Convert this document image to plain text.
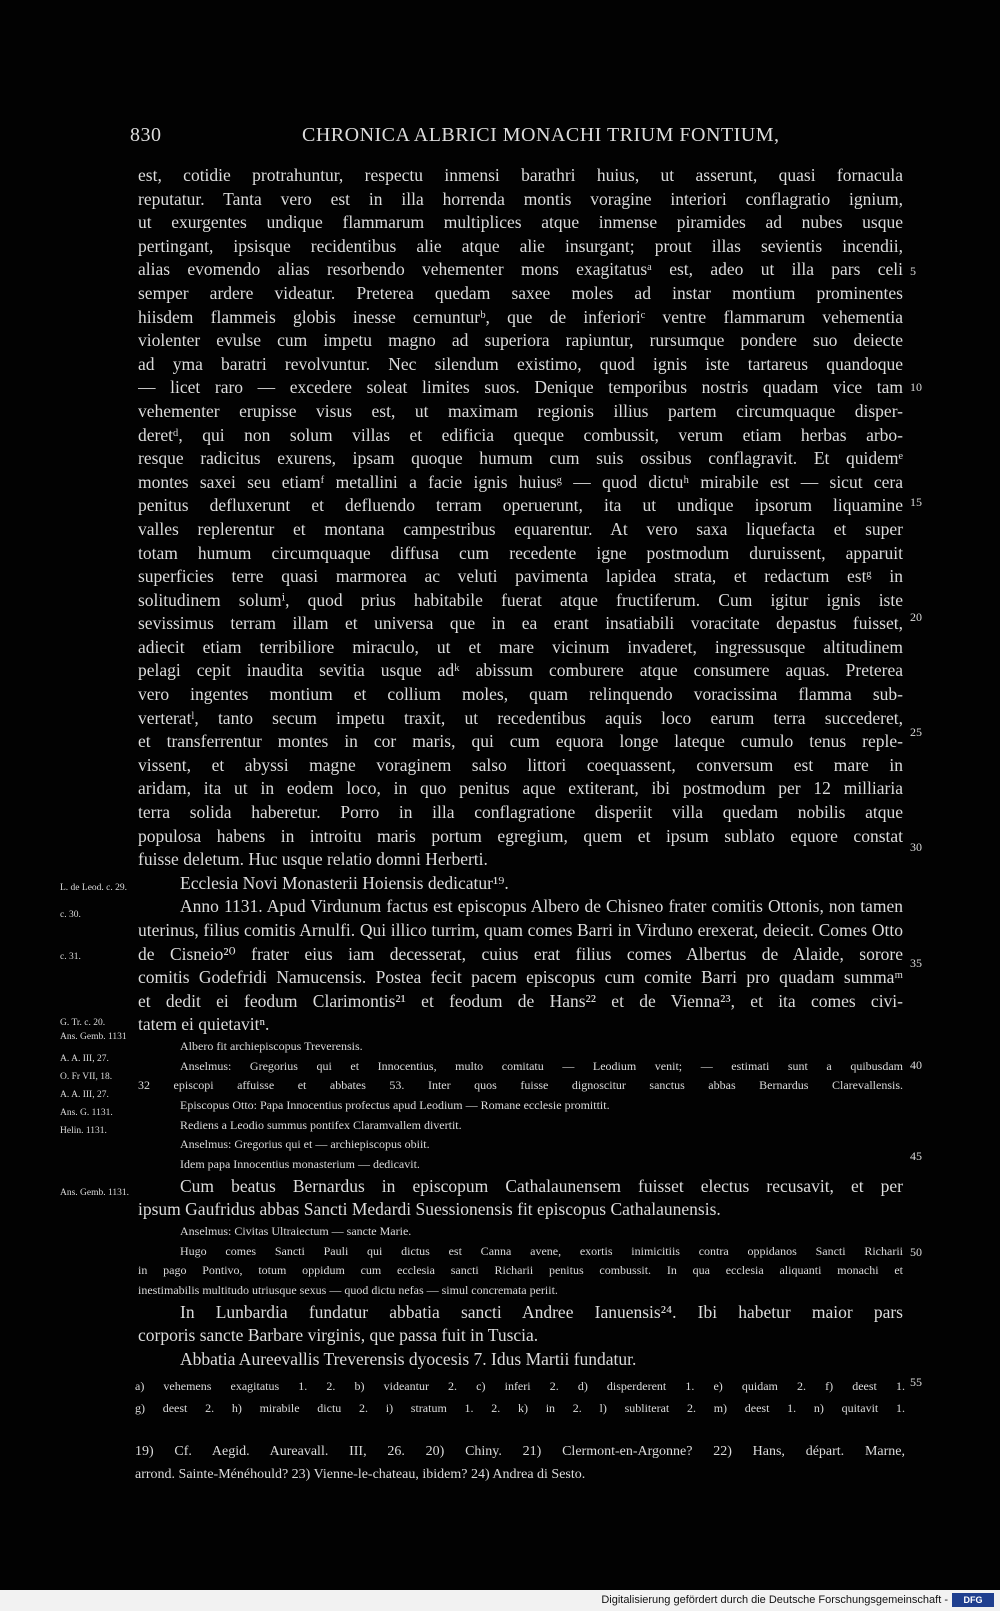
830	CHRONICA ALBRICI MONACHI TRIUM FONTIUM,
est, cotidie protrahuntur, respectu inmensi barathri huius, ut asserunt, quasi fornacula
reputatur. Tanta vero est in illa horrenda montis voragine interiori conflagratio ignium,
ut exurgentes undique flammarum multiplices atque inmense piramides ad nubes usque
pertingant, ipsisque recidentibus alie atque alie insurgant; prout illas sevientis incendii,
alias evomendo alias resorbendo vehementer mons exagitatusᵃ est, adeo ut illa pars celi
semper ardere videatur. Preterea quedam saxee moles ad instar montium prominentes
hiisdem flammeis globis inesse cernunturᵇ, que de inferioriᶜ ventre flammarum vehementia
violenter evulse cum impetu magno ad superiora rapiuntur, rursumque pondere suo deiecte
ad yma baratri revolvuntur. Nec silendum existimo, quod ignis iste tartareus quandoque
— licet raro — excedere soleat limites suos. Denique temporibus nostris quadam vice tam
vehementer erupisse visus est, ut maximam regionis illius partem circumquaque disper-
deretᵈ, qui non solum villas et edificia queque combussit, verum etiam herbas arbo-
resque radicitus exurens, ipsam quoque humum cum suis ossibus conflagravit. Et quidemᵉ
montes saxei seu etiamᶠ metallini a facie ignis huiusᵍ — quod dictuʰ mirabile est — sicut cera
penitus defluxerunt et defluendo terram operuerunt, ita ut undique ipsorum liquamine
valles replerentur et montana campestribus equarentur. At vero saxa liquefacta et super
totam humum circumquaque diffusa cum recedente igne postmodum duruissent, apparuit
superficies terre quasi marmorea ac veluti pavimenta lapidea strata, et redactum estᵍ in
solitudinem solumⁱ, quod prius habitabile fuerat atque fructiferum. Cum igitur ignis iste
sevissimus terram illam et universa que in ea erant insatiabili voracitate depastus fuisset,
adiecit etiam terribiliore miraculo, ut et mare vicinum invaderet, ingressusque altitudinem
pelagi cepit inaudita sevitia usque adᵏ abissum comburere atque consumere aquas. Preterea
vero ingentes montium et collium moles, quam relinquendo voracissima flamma sub-
verteratˡ, tanto secum impetu traxit, ut recedentibus aquis loco earum terra succederet,
et transferrentur montes in cor maris, qui cum equora longe lateque cumulo tenus reple-
vissent, et abyssi magne voraginem salso littori coequassent, conversum est mare in
aridam, ita ut in eodem loco, in quo penitus aque extiterant, ibi postmodum per 12 milliaria
terra solida haberetur. Porro in illa conflagratione disperiit villa quedam nobilis atque
populosa habens in introitu maris portum egregium, quem et ipsum sublato equore constat
fuisse deletum. Huc usque relatio domni Herberti.
Ecclesia Novi Monasterii Hoiensis dedicatur¹⁹.
Anno 1131. Apud Virdunum factus est episcopus Albero de Chisneo frater comitis Ottonis, non tamen
uterinus, filius comitis Arnulfi. Qui illico turrim, quam comes Barri in Virduno erexerat, deiecit. Comes Otto
de Cisneio²⁰ frater eius iam decesserat, cuius erat filius comes Albertus de Alaide, sorore
comitis Godefridi Namucensis. Postea fecit pacem episcopus cum comite Barri pro quadam summaᵐ
et dedit ei feodum Clarimontis²¹ et feodum de Hans²² et de Vienna²³, et ita comes civi-
tatem ei quietavitⁿ.
Albero fit archiepiscopus Treverensis.
Anselmus: Gregorius qui et Innocentius, multo comitatu — Leodium venit; — estimati sunt a quibusdam
32 episcopi affuisse et abbates 53. Inter quos fuisse dignoscitur sanctus abbas Bernardus Clarevallensis.
Episcopus Otto: Papa Innocentius profectus apud Leodium — Romane ecclesie promittit.
Rediens a Leodio summus pontifex Claramvallem divertit.
Anselmus: Gregorius qui et — archiepiscopus obiit.
Idem papa Innocentius monasterium — dedicavit.
Cum beatus Bernardus in episcopum Cathalaunensem fuisset electus recusavit, et per
ipsum Gaufridus abbas Sancti Medardi Suessionensis fit episcopus Cathalaunensis.
Anselmus: Civitas Ultraiectum — sancte Marie.
Hugo comes Sancti Pauli qui dictus est Canna avene, exortis inimicitiis contra oppidanos Sancti Richarii
in pago Pontivo, totum oppidum cum ecclesia sancti Richarii penitus combussit. In qua ecclesia aliquanti monachi et
inestimabilis multitudo utriusque sexus — quod dictu nefas — simul concremata periit.
In Lunbardia fundatur abbatia sancti Andree Ianuensis²⁴. Ibi habetur maior pars
corporis sancte Barbare virginis, que passa fuit in Tuscia.
Abbatia Aureevallis Treverensis dyocesis 7. Idus Martii fundatur.
5
10
15
20
25
30
35
40
45
50
55
L. de Leod. c. 29.
c. 30.
c. 31.
G. Tr. c. 20.
Ans. Gemb. 1131
A. A. III, 27.
O. Fr VII, 18.
A. A. III, 27.
Ans. G. 1131.
Helin. 1131.
Ans. Gemb. 1131.
a) vehemens exagitatus 1. 2. b) videantur 2. c) inferi 2. d) disperderent 1. e) quidam 2. f) deest 1.
g) deest 2. h) mirabile dictu 2. i) stratum 1. 2. k) in 2. l) subliterat 2. m) deest 1. n) quitavit 1.
19) Cf. Aegid. Aureavall. III, 26. 20) Chiny. 21) Clermont-en-Argonne? 22) Hans, départ. Marne,
arrond. Sainte-Ménéhould? 23) Vienne-le-chateau, ibidem? 24) Andrea di Sesto.
Digitalisierung gefördert durch die Deutsche Forschungsgemeinschaft -	DFG
